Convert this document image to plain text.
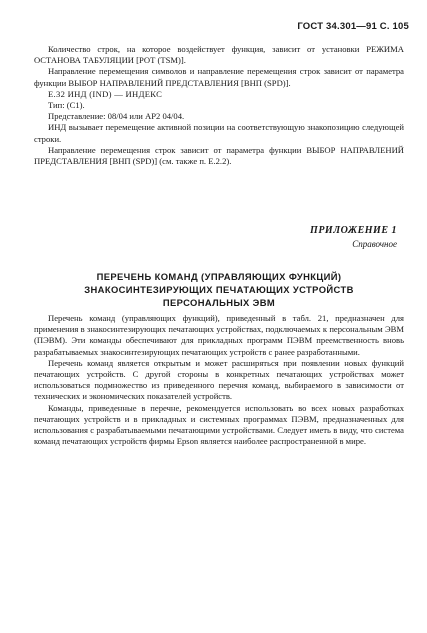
ГОСТ 34.301—91 С. 105

Количество строк, на которое воздействует функция, зависит от установки РЕЖИМА ОСТАНОВА ТАБУЛЯЦИИ [РОТ (TSM)].

Направление перемещения символов и направление перемещения строк зависит от параметра функции ВЫБОР НАПРАВЛЕНИЙ ПРЕДСТАВЛЕНИЯ [ВНП (SPD)].

Е.32 ИНД (IND) — ИНДЕКС

Тип: (С1).

Представление: 08/04 или АР2 04/04.

ИНД вызывает перемещение активной позиции на соответствующую знакопозицию следующей строки.

Направление перемещения строк зависит от параметра функции ВЫБОР НАПРАВЛЕНИЙ ПРЕДСТАВЛЕНИЯ [ВНП (SPD)] (см. также п. Е.2.2).

ПРИЛОЖЕНИЕ 1
Справочное
ПЕРЕЧЕНЬ КОМАНД (УПРАВЛЯЮЩИХ ФУНКЦИЙ)
ЗНАКОСИНТЕЗИРУЮЩИХ ПЕЧАТАЮЩИХ УСТРОЙСТВ
ПЕРСОНАЛЬНЫХ ЭВМ

Перечень команд (управляющих функций), приведенный в табл. 21, предназначен для применения в знакосинтезирующих печатающих устройствах, подключаемых к персональным ЭВМ (ПЭВМ). Эти команды обеспечивают для прикладных программ ПЭВМ преемственность вновь разрабатываемых знакосинтезирующих печатающих устройств с ранее разработанными.

Перечень команд является открытым и может расширяться при появлении новых функций печатающих устройств. С другой стороны в конкретных печатающих устройствах может использоваться подмножество из приведенного перечня команд, выбираемого в зависимости от технических и экономических показателей устройств.

Команды, приведенные в перечне, рекомендуется использовать во всех новых разработках печатающих устройств и в прикладных и системных программах ПЭВМ, предназначенных для использования с разрабатываемыми печатающими устройствами. Следует иметь в виду, что система команд печатающих устройств фирмы Epson является наиболее распространенной в мире.
